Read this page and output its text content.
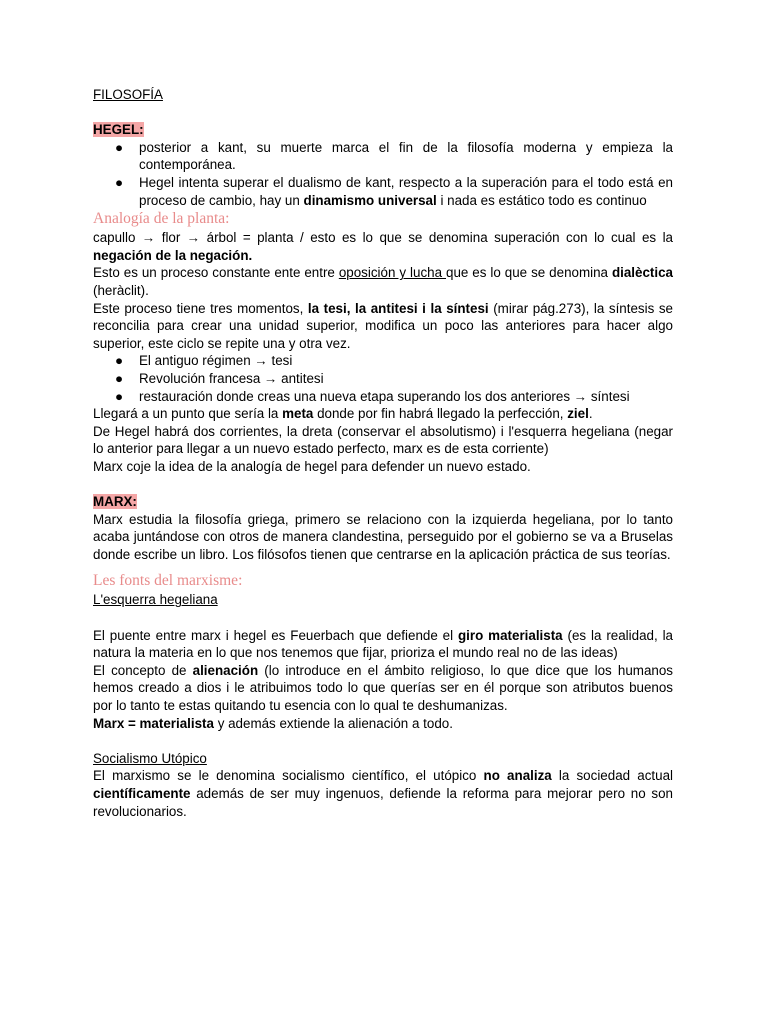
FILOSOFÍA

HEGEL:

● posterior a kant, su muerte marca el fin de la filosofía moderna y empieza la contemporánea.
● Hegel intenta superar el dualismo de kant, respecto a la superación para el todo está en proceso de cambio, hay un dinamismo universal i nada es estático todo es continuo

Analogía de la planta:

capullo → flor → árbol = planta / esto es lo que se denomina superación con lo cual es la negación de la negación.

Esto es un proceso constante ente entre oposición y lucha que es lo que se denomina dialèctica (heràclit).

Este proceso tiene tres momentos, la tesi, la antitesi i la síntesi (mirar pág.273), la síntesis se reconcilia para crear una unidad superior, modifica un poco las anteriores para hacer algo superior, este ciclo se repite una y otra vez.

● El antiguo régimen → tesi
● Revolución francesa → antitesi
● restauración donde creas una nueva etapa superando los dos anteriores → síntesi

Llegará a un punto que sería la meta donde por fin habrá llegado la perfección, ziel.

De Hegel habrá dos corrientes, la dreta (conservar el absolutismo) i l'esquerra hegeliana (negar lo anterior para llegar a un nuevo estado perfecto, marx es de esta corriente)

Marx coje la idea de la analogía de hegel para defender un nuevo estado.

MARX:

Marx estudia la filosofía griega, primero se relaciono con la izquierda hegeliana, por lo tanto acaba juntándose con otros de manera clandestina, perseguido por el gobierno se va a Bruselas donde escribe un libro. Los filósofos tienen que centrarse en la aplicación práctica de sus teorías.

Les fonts del marxisme:

L'esquerra hegeliana

El puente entre marx i hegel es Feuerbach que defiende el giro materialista (es la realidad, la natura la materia en lo que nos tenemos que fijar, prioriza el mundo real no de las ideas)

El concepto de alienación (lo introduce en el ámbito religioso, lo que dice que los humanos hemos creado a dios i le atribuimos todo lo que querías ser en él porque son atributos buenos por lo tanto te estas quitando tu esencia con lo qual te deshumanizas.

Marx = materialista y además extiende la alienación a todo.

Socialismo Utópico

El marxismo se le denomina socialismo científico, el utópico no analiza la sociedad actual científicamente además de ser muy ingenuos, defiende la reforma para mejorar pero no son revolucionarios.
